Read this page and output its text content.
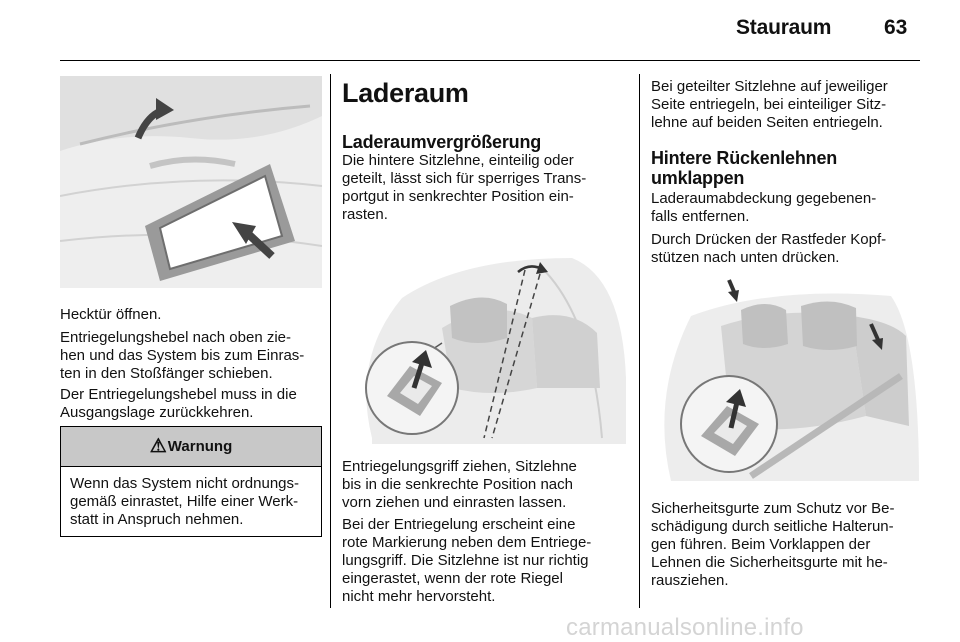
Stauraum	63

Hecktür öffnen.

Entriegelungshebel nach oben zie-
hen und das System bis zum Einras-
ten in den Stoßfänger schieben.

Der Entriegelungshebel muss in die
Ausgangslage zurückkehren.

⚠ Warnung
Wenn das System nicht ordnungs-
gemäß einrastet, Hilfe einer Werk-
statt in Anspruch nehmen.
Laderaum
Laderaumvergrößerung

Die hintere Sitzlehne, einteilig oder
geteilt, lässt sich für sperriges Trans-
portgut in senkrechter Position ein-
rasten.

Entriegelungsgriff ziehen, Sitzlehne
bis in die senkrechte Position nach
vorn ziehen und einrasten lassen.

Bei der Entriegelung erscheint eine
rote Markierung neben dem Entriege-
lungsgriff. Die Sitzlehne ist nur richtig
eingerastet, wenn der rote Riegel
nicht mehr hervorsteht.

Bei geteilter Sitzlehne auf jeweiliger
Seite entriegeln, bei einteiliger Sitz-
lehne auf beiden Seiten entriegeln.

Hintere Rückenlehnen
umklappen

Laderaumabdeckung gegebenen-
falls entfernen.

Durch Drücken der Rastfeder Kopf-
stützen nach unten drücken.

Sicherheitsgurte zum Schutz vor Be-
schädigung durch seitliche Halterun-
gen führen. Beim Vorklappen der
Lehnen die Sicherheitsgurte mit he-
rausziehen.

carmanualsonline.info
